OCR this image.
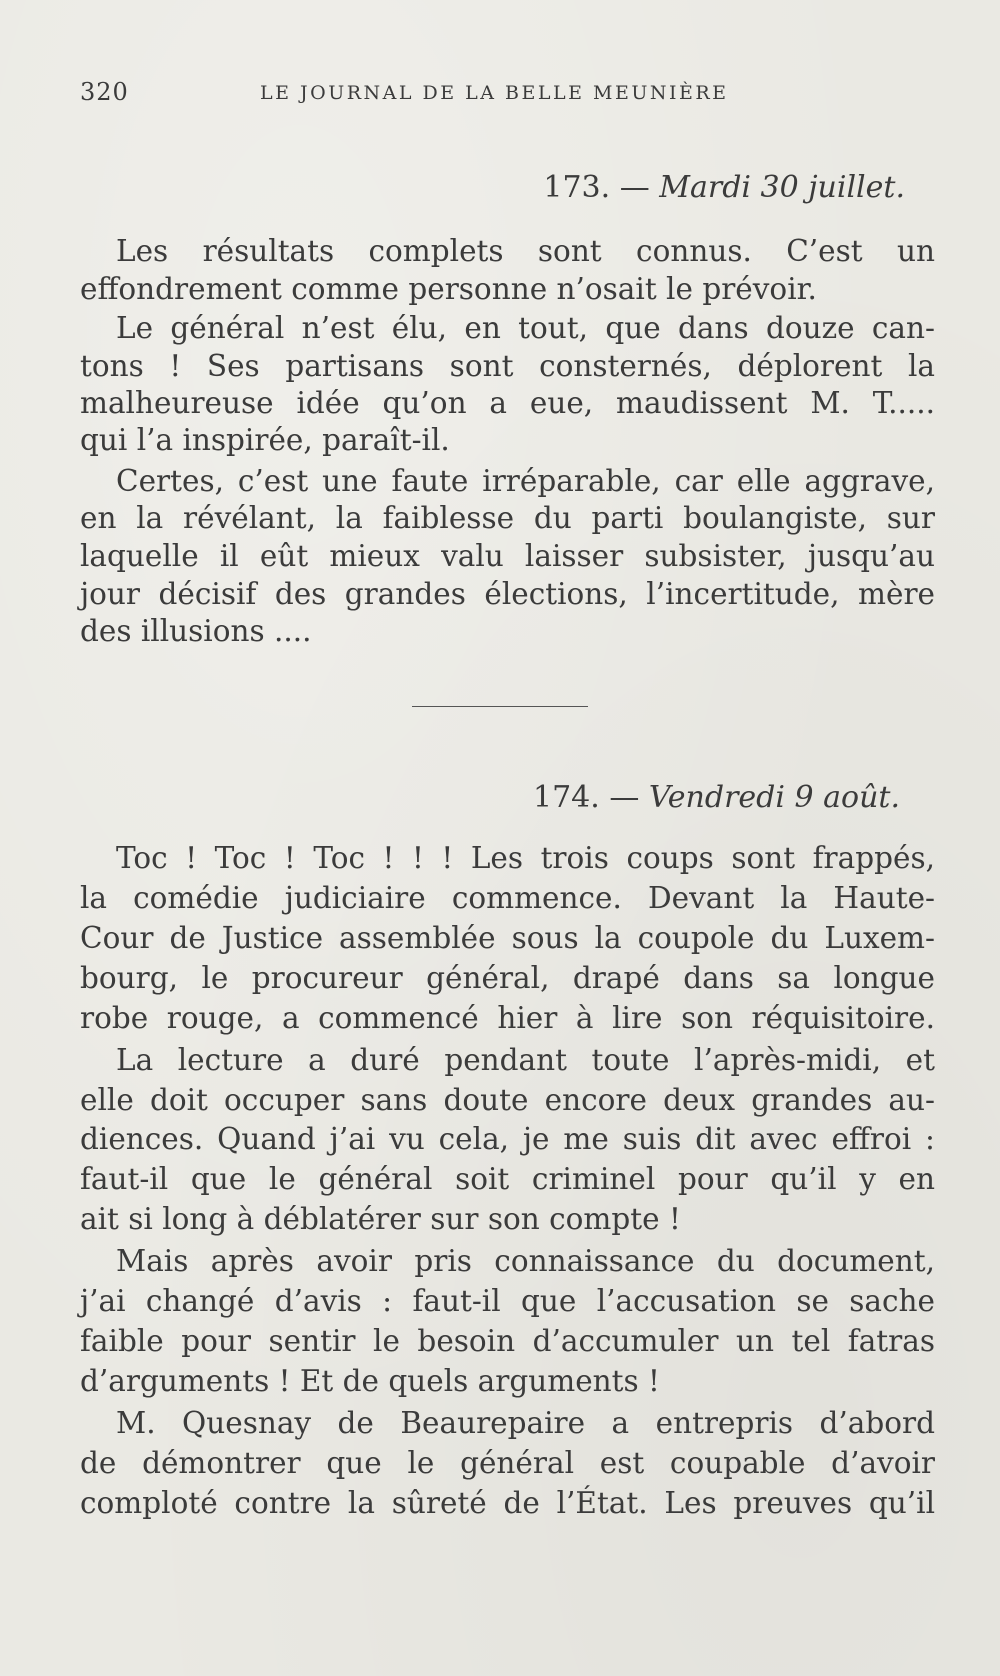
320	LE JOURNAL DE LA BELLE MEUNIÈRE
173. — Mardi 30 juillet.
Les résultats complets sont connus. C’est un
effondrement comme personne n’osait le prévoir.
Le général n’est élu, en tout, que dans douze can-
tons ! Ses partisans sont consternés, déplorent la
malheureuse idée qu’on a eue, maudissent M. T.....
qui l’a inspirée, paraît-il.
Certes, c’est une faute irréparable, car elle aggrave,
en la révélant, la faiblesse du parti boulangiste, sur
laquelle il eût mieux valu laisser subsister, jusqu’au
jour décisif des grandes élections, l’incertitude, mère
des illusions ....
174. — Vendredi 9 août.
Toc ! Toc ! Toc ! ! ! Les trois coups sont frappés,
la comédie judiciaire commence. Devant la Haute-
Cour de Justice assemblée sous la coupole du Luxem-
bourg, le procureur général, drapé dans sa longue
robe rouge, a commencé hier à lire son réquisitoire.
La lecture a duré pendant toute l’après-midi, et
elle doit occuper sans doute encore deux grandes au-
diences. Quand j’ai vu cela, je me suis dit avec effroi :
faut-il que le général soit criminel pour qu’il y en
ait si long à déblatérer sur son compte !
Mais après avoir pris connaissance du document,
j’ai changé d’avis : faut-il que l’accusation se sache
faible pour sentir le besoin d’accumuler un tel fatras
d’arguments ! Et de quels arguments !
M. Quesnay de Beaurepaire a entrepris d’abord
de démontrer que le général est coupable d’avoir
comploté contre la sûreté de l’État. Les preuves qu’il
